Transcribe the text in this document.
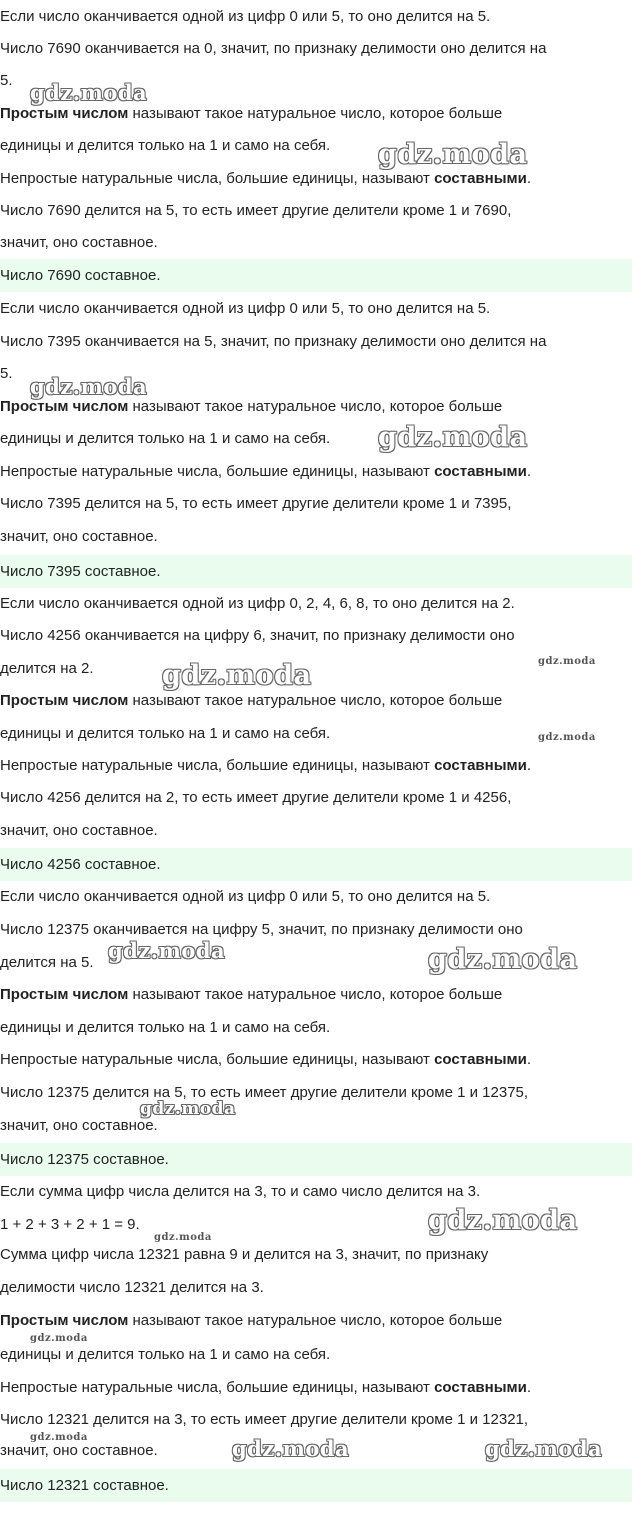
Если число оканчивается одной из цифр 0 или 5, то оно делится на 5.
Число 7690 оканчивается на 0, значит, по признаку делимости оно делится на
5.
Простым числом называют такое натуральное число, которое больше
единицы и делится только на 1 и само на себя.
Непростые натуральные числа, большие единицы, называют составными.
Число 7690 делится на 5, то есть имеет другие делители кроме 1 и 7690,
значит, оно составное.
Число 7690 составное.
Если число оканчивается одной из цифр 0 или 5, то оно делится на 5.
Число 7395 оканчивается на 5, значит, по признаку делимости оно делится на
5.
Простым числом называют такое натуральное число, которое больше
единицы и делится только на 1 и само на себя.
Непростые натуральные числа, большие единицы, называют составными.
Число 7395 делится на 5, то есть имеет другие делители кроме 1 и 7395,
значит, оно составное.
Число 7395 составное.
Если число оканчивается одной из цифр 0, 2, 4, 6, 8, то оно делится на 2.
Число 4256 оканчивается на цифру 6, значит, по признаку делимости оно
делится на 2.
Простым числом называют такое натуральное число, которое больше
единицы и делится только на 1 и само на себя.
Непростые натуральные числа, большие единицы, называют составными.
Число 4256 делится на 2, то есть имеет другие делители кроме 1 и 4256,
значит, оно составное.
Число 4256 составное.
Если число оканчивается одной из цифр 0 или 5, то оно делится на 5.
Число 12375 оканчивается на цифру 5, значит, по признаку делимости оно
делится на 5.
Простым числом называют такое натуральное число, которое больше
единицы и делится только на 1 и само на себя.
Непростые натуральные числа, большие единицы, называют составными.
Число 12375 делится на 5, то есть имеет другие делители кроме 1 и 12375,
значит, оно составное.
Число 12375 составное.
Если сумма цифр числа делится на 3, то и само число делится на 3.
1 + 2 + 3 + 2 + 1 = 9.
Сумма цифр числа 12321 равна 9 и делится на 3, значит, по признаку
делимости число 12321 делится на 3.
Простым числом называют такое натуральное число, которое больше
единицы и делится только на 1 и само на себя.
Непростые натуральные числа, большие единицы, называют составными.
Число 12321 делится на 3, то есть имеет другие делители кроме 1 и 12321,
значит, оно составное.
Число 12321 составное.
gdz.moda
gdz.moda
gdz.moda
gdz.moda
gdz.moda	gdz.moda
gdz.moda
gdz.moda	gdz.moda
gdz.moda
gdz.moda
gdz.moda
gdz.moda
gdz.moda	gdz.moda	gdz.moda
